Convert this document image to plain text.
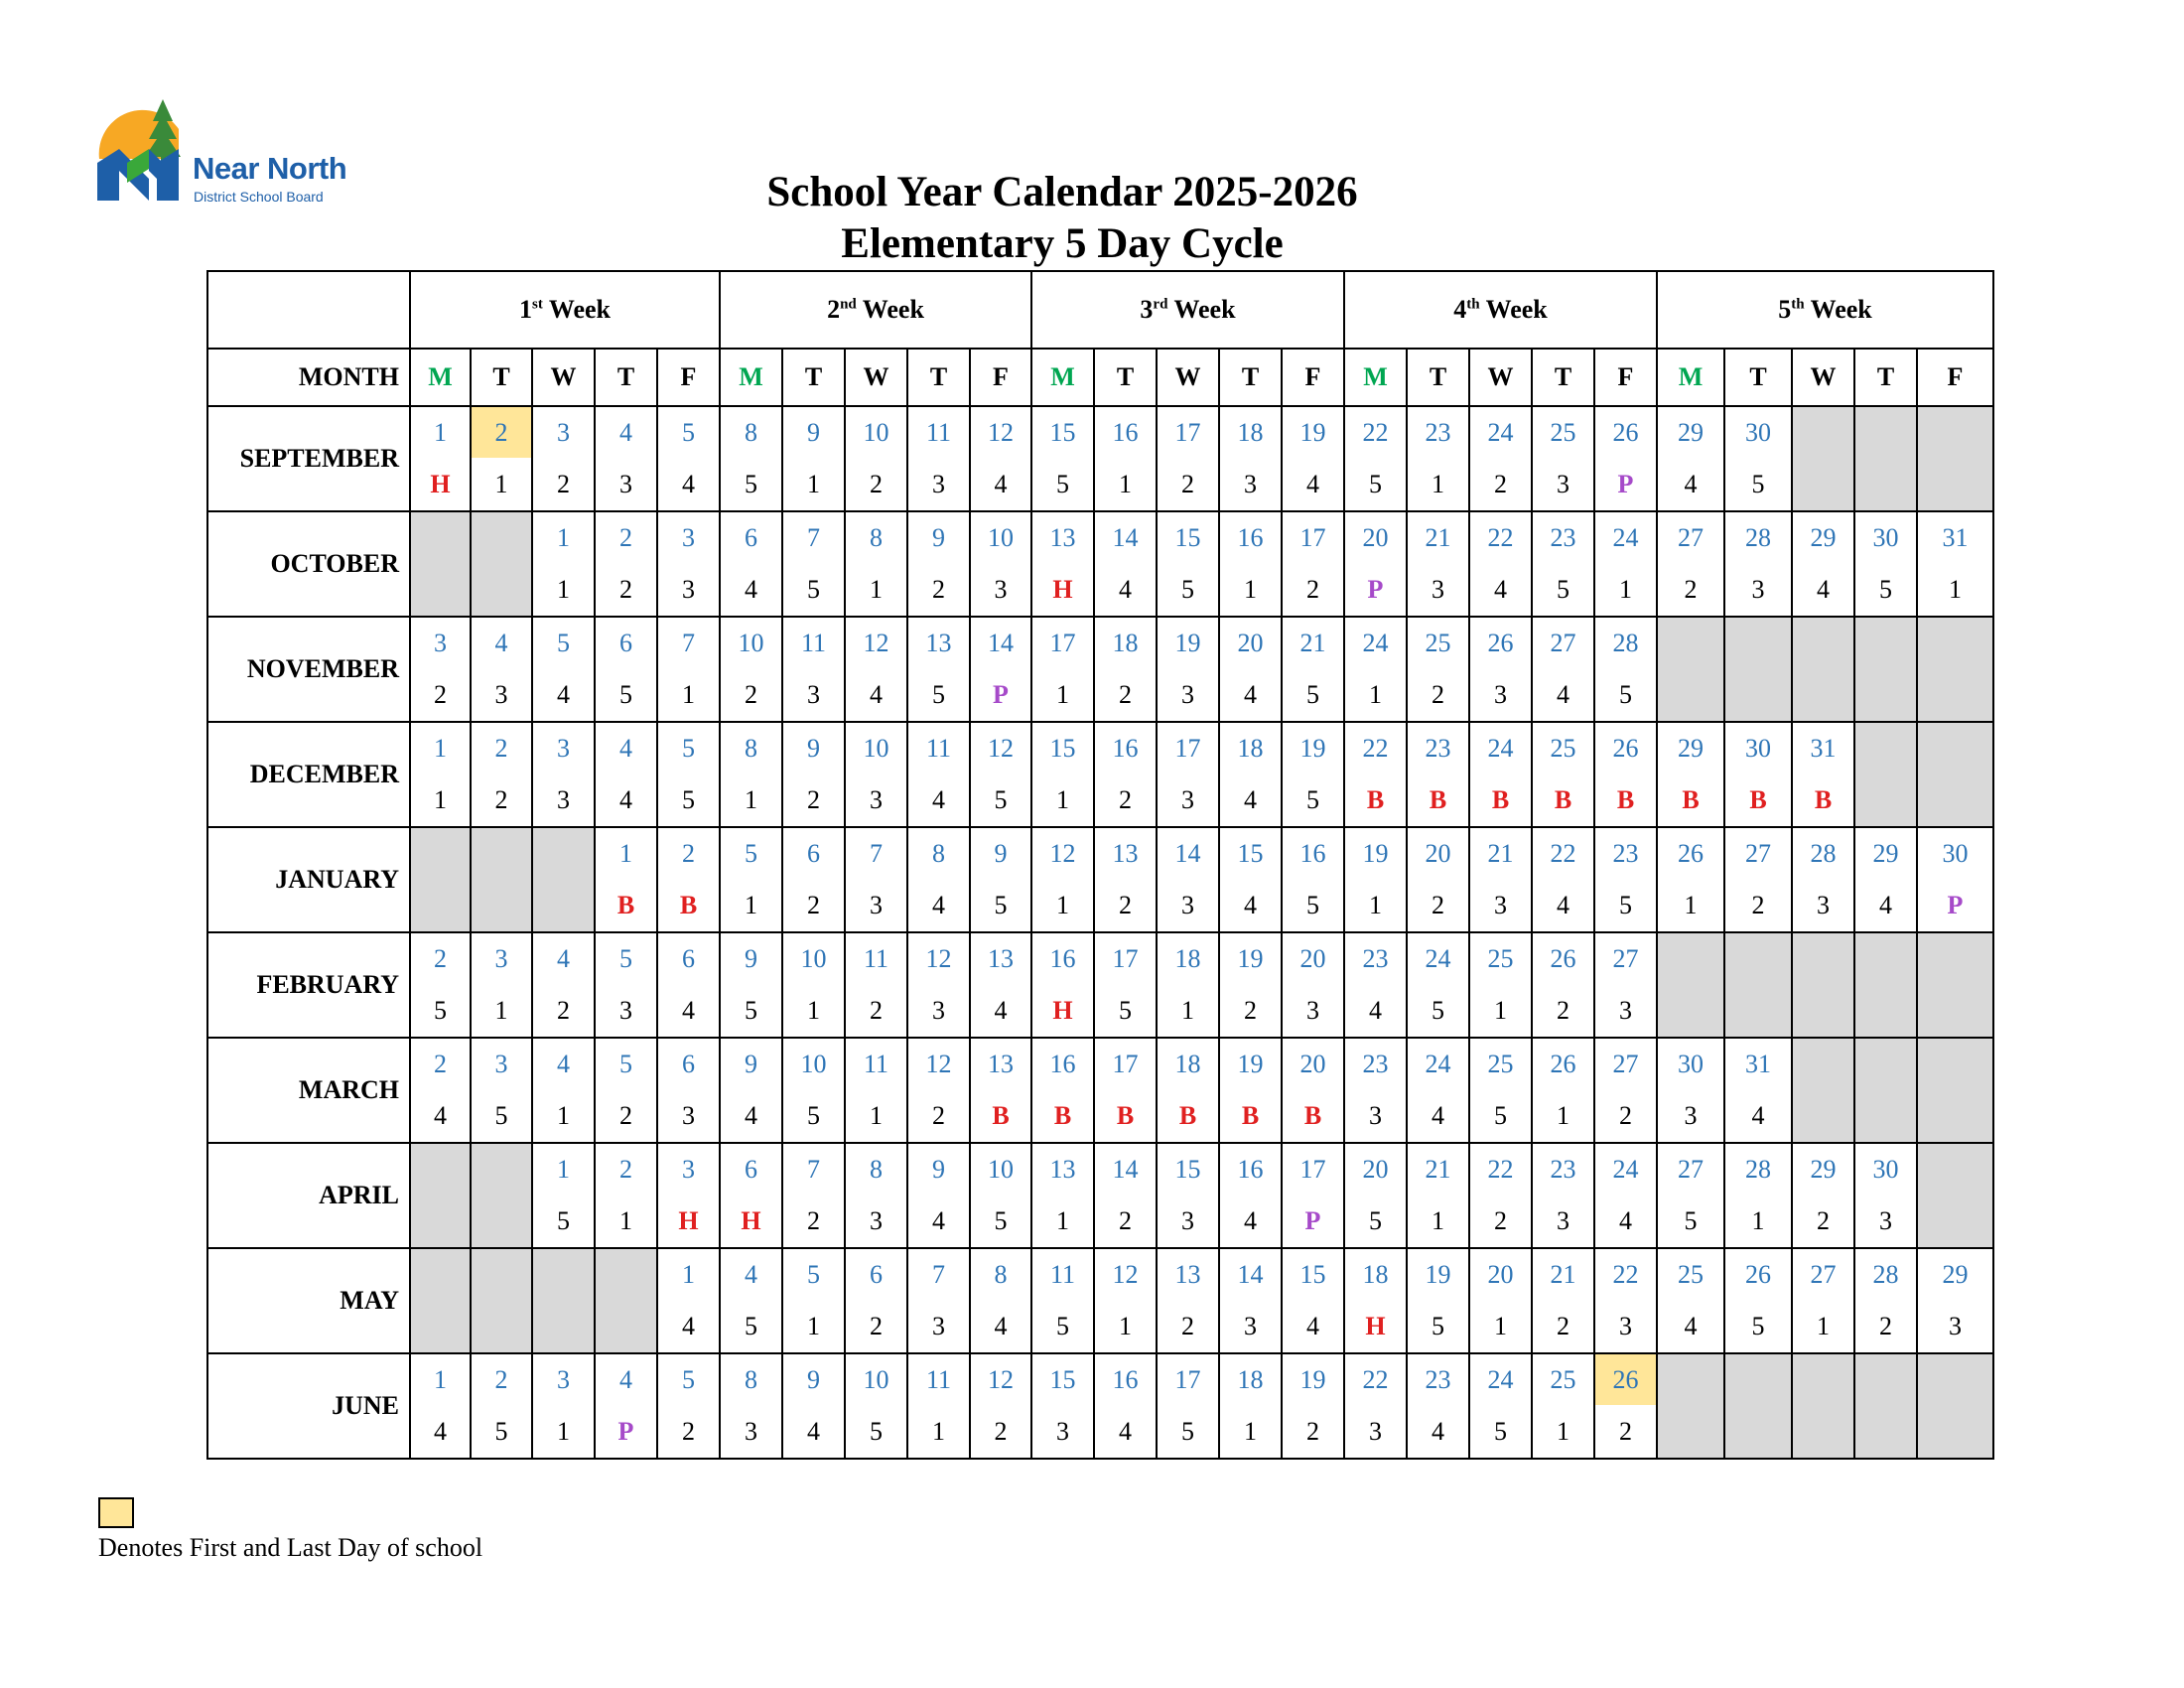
Near North
District School Board	School Year Calendar 2025-2026
Elementary 5 Day Cycle
	1st Week					2nd Week					3rd Week					4th Week					5th Week				
MONTH	M	T	W	T	F	M	T	W	T	F	M	T	W	T	F	M	T	W	T	F	M	T	W	T	F
SEPTEMBER	1	2	3	4	5	8	9	10	11	12	15	16	17	18	19	22	23	24	25	26	29	30			
	H	1	2	3	4	5	1	2	3	4	5	1	2	3	4	5	1	2	3	P	4	5			
OCTOBER			1	2	3	6	7	8	9	10	13	14	15	16	17	20	21	22	23	24	27	28	29	30	31
			1	2	3	4	5	1	2	3	H	4	5	1	2	P	3	4	5	1	2	3	4	5	1
NOVEMBER	3	4	5	6	7	10	11	12	13	14	17	18	19	20	21	24	25	26	27	28					
	2	3	4	5	1	2	3	4	5	P	1	2	3	4	5	1	2	3	4	5					
DECEMBER	1	2	3	4	5	8	9	10	11	12	15	16	17	18	19	22	23	24	25	26	29	30	31		
	1	2	3	4	5	1	2	3	4	5	1	2	3	4	5	B	B	B	B	B	B	B	B		
JANUARY				1	2	5	6	7	8	9	12	13	14	15	16	19	20	21	22	23	26	27	28	29	30
				B	B	1	2	3	4	5	1	2	3	4	5	1	2	3	4	5	1	2	3	4	P
FEBRUARY	2	3	4	5	6	9	10	11	12	13	16	17	18	19	20	23	24	25	26	27					
	5	1	2	3	4	5	1	2	3	4	H	5	1	2	3	4	5	1	2	3					
MARCH	2	3	4	5	6	9	10	11	12	13	16	17	18	19	20	23	24	25	26	27	30	31			
	4	5	1	2	3	4	5	1	2	B	B	B	B	B	B	3	4	5	1	2	3	4			
APRIL			1	2	3	6	7	8	9	10	13	14	15	16	17	20	21	22	23	24	27	28	29	30	
			5	1	H	H	2	3	4	5	1	2	3	4	P	5	1	2	3	4	5	1	2	3	
MAY					1	4	5	6	7	8	11	12	13	14	15	18	19	20	21	22	25	26	27	28	29
					4	5	1	2	3	4	5	1	2	3	4	H	5	1	2	3	4	5	1	2	3
JUNE	1	2	3	4	5	8	9	10	11	12	15	16	17	18	19	22	23	24	25	26					
	4	5	1	P	2	3	4	5	1	2	3	4	5	1	2	3	4	5	1	2					
Denotes First and Last Day of school
